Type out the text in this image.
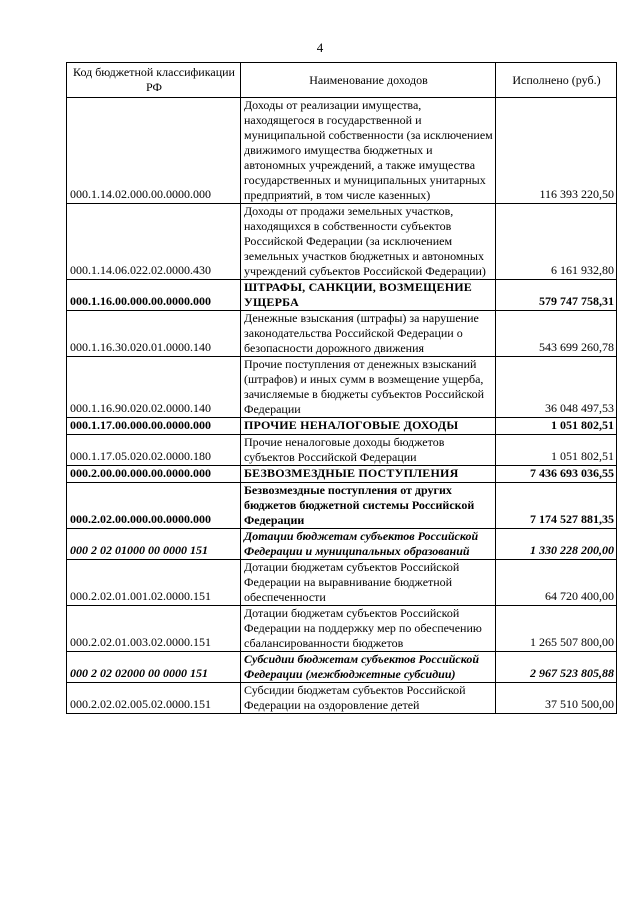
4
Код бюджетной классификации РФ	Наименование доходов	Исполнено (руб.)
000.1.14.02.000.00.0000.000	Доходы от реализации имущества, находящегося в государственной и муниципальной собственности (за исключением движимого имущества бюджетных и автономных учреждений, а также имущества государственных и муниципальных унитарных предприятий, в том числе казенных)	116 393 220,50
000.1.14.06.022.02.0000.430	Доходы от продажи земельных участков, находящихся в собственности субъектов Российской Федерации (за исключением земельных участков бюджетных и автономных учреждений субъектов Российской Федерации)	6 161 932,80
000.1.16.00.000.00.0000.000	ШТРАФЫ, САНКЦИИ, ВОЗМЕЩЕНИЕ УЩЕРБА	579 747 758,31
000.1.16.30.020.01.0000.140	Денежные взыскания (штрафы) за нарушение законодательства Российской Федерации о безопасности дорожного движения	543 699 260,78
000.1.16.90.020.02.0000.140	Прочие поступления от денежных взысканий (штрафов) и иных сумм в возмещение ущерба, зачисляемые в бюджеты субъектов Российской Федерации	36 048 497,53
000.1.17.00.000.00.0000.000	ПРОЧИЕ НЕНАЛОГОВЫЕ ДОХОДЫ	1 051 802,51
000.1.17.05.020.02.0000.180	Прочие неналоговые доходы бюджетов субъектов Российской Федерации	1 051 802,51
000.2.00.00.000.00.0000.000	БЕЗВОЗМЕЗДНЫЕ ПОСТУПЛЕНИЯ	7 436 693 036,55
000.2.02.00.000.00.0000.000	Безвозмездные поступления от других бюджетов бюджетной системы Российской Федерации	7 174 527 881,35
000 2 02 01000 00 0000 151	Дотации бюджетам субъектов Российской Федерации и муниципальных образований	1 330 228 200,00
000.2.02.01.001.02.0000.151	Дотации бюджетам субъектов Российской Федерации на выравнивание бюджетной обеспеченности	64 720 400,00
000.2.02.01.003.02.0000.151	Дотации бюджетам субъектов Российской Федерации на поддержку мер по обеспечению сбалансированности бюджетов	1 265 507 800,00
000 2 02 02000 00 0000 151	Субсидии бюджетам субъектов Российской Федерации (межбюджетные субсидии)	2 967 523 805,88
000.2.02.02.005.02.0000.151	Субсидии бюджетам субъектов Российской Федерации на оздоровление детей	37 510 500,00
